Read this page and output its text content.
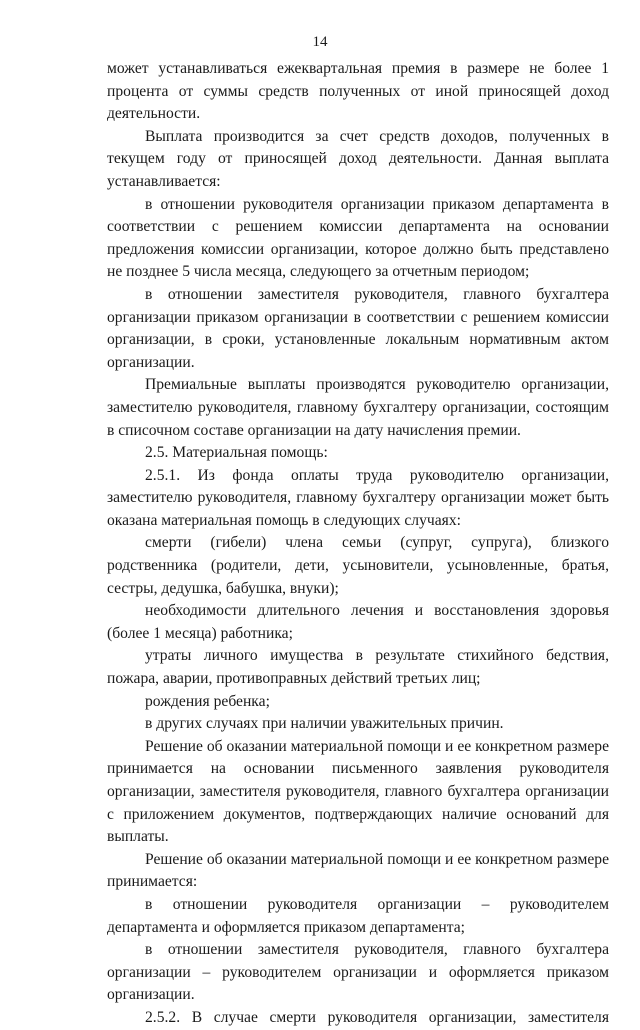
14

может устанавливаться ежеквартальная премия в размере не более 1 процента от суммы средств полученных от иной приносящей доход деятельности.

Выплата производится за счет средств доходов, полученных в текущем году от приносящей доход деятельности. Данная выплата устанавливается:

в отношении руководителя организации приказом департамента в соответствии с решением комиссии департамента на основании предложения комиссии организации, которое должно быть представлено не позднее 5 числа месяца, следующего за отчетным периодом;

в отношении заместителя руководителя, главного бухгалтера организации приказом организации в соответствии с решением комиссии организации, в сроки, установленные локальным нормативным актом организации.

Премиальные выплаты производятся руководителю организации, заместителю руководителя, главному бухгалтеру организации, состоящим в списочном составе организации на дату начисления премии.

2.5. Материальная помощь:

2.5.1. Из фонда оплаты труда руководителю организации, заместителю руководителя, главному бухгалтеру организации может быть оказана материальная помощь в следующих случаях:

смерти (гибели) члена семьи (супруг, супруга), близкого родственника (родители, дети, усыновители, усыновленные, братья, сестры, дедушка, бабушка, внуки);

необходимости длительного лечения и восстановления здоровья (более 1 месяца) работника;

утраты личного имущества в результате стихийного бедствия, пожара, аварии, противоправных действий третьих лиц;

рождения ребенка;

в других случаях при наличии уважительных причин.

Решение об оказании материальной помощи и ее конкретном размере принимается на основании письменного заявления руководителя организации, заместителя руководителя, главного бухгалтера организации с приложением документов, подтверждающих наличие оснований для выплаты.

Решение об оказании материальной помощи и ее конкретном размере принимается:

в отношении руководителя организации – руководителем департамента и оформляется приказом департамента;

в отношении заместителя руководителя, главного бухгалтера организации – руководителем организации и оформляется приказом организации.

2.5.2. В случае смерти руководителя организации, заместителя
